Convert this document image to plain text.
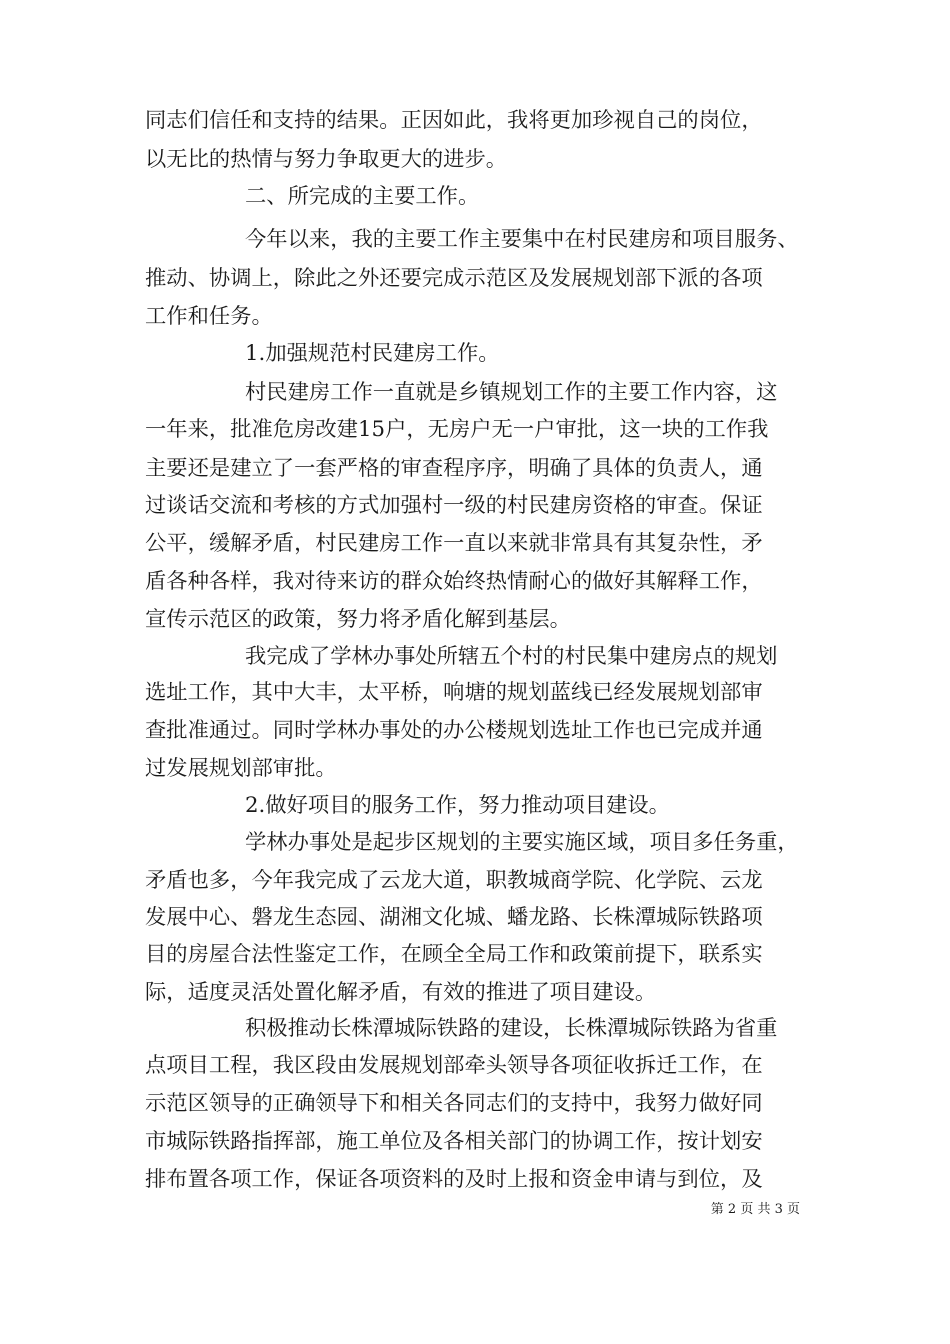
同志们信任和支持的结果。正因如此，我将更加珍视自己的岗位，
以无比的热情与努力争取更大的进步。
二、所完成的主要工作。
今年以来，我的主要工作主要集中在村民建房和项目服务、
推动、协调上，除此之外还要完成示范区及发展规划部下派的各项
工作和任务。
1.加强规范村民建房工作。
村民建房工作一直就是乡镇规划工作的主要工作内容，这
一年来，批准危房改建15户，无房户无一户审批，这一块的工作我
主要还是建立了一套严格的审查程序序，明确了具体的负责人，通
过谈话交流和考核的方式加强村一级的村民建房资格的审查。保证
公平，缓解矛盾，村民建房工作一直以来就非常具有其复杂性，矛
盾各种各样，我对待来访的群众始终热情耐心的做好其解释工作，
宣传示范区的政策，努力将矛盾化解到基层。
我完成了学林办事处所辖五个村的村民集中建房点的规划
选址工作，其中大丰，太平桥，响塘的规划蓝线已经发展规划部审
查批准通过。同时学林办事处的办公楼规划选址工作也已完成并通
过发展规划部审批。
2.做好项目的服务工作，努力推动项目建设。
学林办事处是起步区规划的主要实施区域，项目多任务重，
矛盾也多，今年我完成了云龙大道，职教城商学院、化学院、云龙
发展中心、磐龙生态园、湖湘文化城、蟠龙路、长株潭城际铁路项
目的房屋合法性鉴定工作，在顾全全局工作和政策前提下，联系实
际，适度灵活处置化解矛盾，有效的推进了项目建设。
积极推动长株潭城际铁路的建设，长株潭城际铁路为省重
点项目工程，我区段由发展规划部牵头领导各项征收拆迁工作，在
示范区领导的正确领导下和相关各同志们的支持中，我努力做好同
市城际铁路指挥部，施工单位及各相关部门的协调工作，按计划安
排布置各项工作，保证各项资料的及时上报和资金申请与到位，及
第 2 页 共 3 页
